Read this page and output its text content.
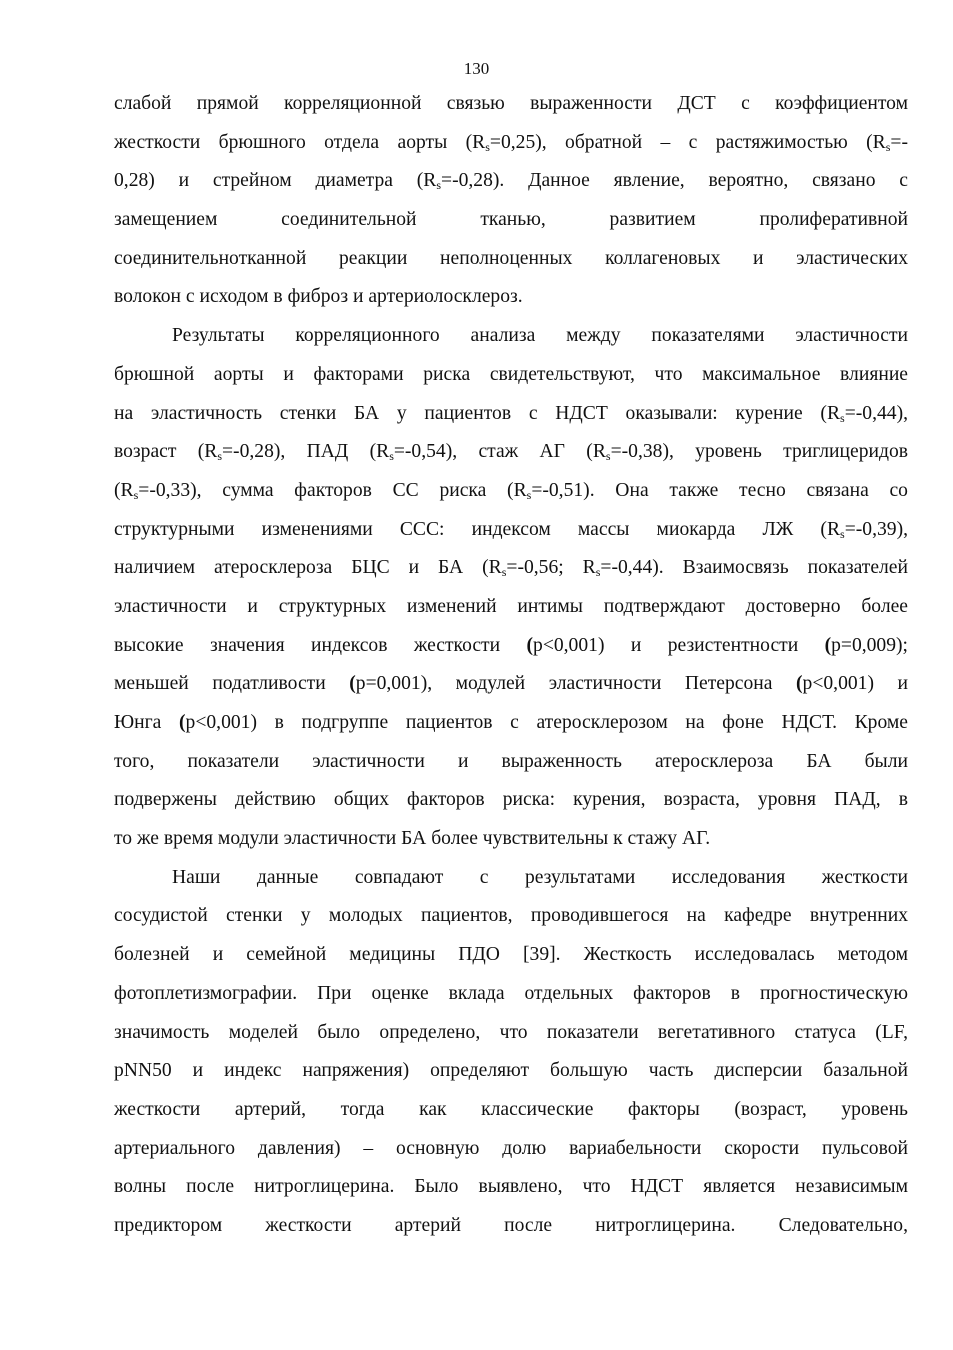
130
слабой прямой корреляционной связью выраженности ДСТ с коэффициентом
жесткости брюшного отдела аорты $(R_s=0,25)$, обратной – с растяжимостью ($R_s=-$
0,28) и стрейном диаметра $(R_s=-0,28)$. Данное явление, вероятно, связано с
замещением соединительной тканью, развитием пролиферативной
соединительнотканной реакции неполноценных коллагеновых и эластических
волокон с исходом в фиброз и артериолосклероз.
Результаты корреляционного анализа между показателями эластичности
брюшной аорты и факторами риска свидетельствуют, что максимальное влияние
на эластичность стенки БА у пациентов с НДСТ оказывали: курение $(R_s=-0,44)$,
возраст $(R_s=-0,28)$, ПАД $(R_s=-0,54)$, стаж АГ $(R_s=-0,38)$, уровень триглицеридов
$(R_s=-0,33)$, сумма факторов СС риска $(R_s=-0,51)$. Она также тесно связана со
структурными изменениями ССС: индексом массы миокарда ЛЖ $(R_s=-0,39)$,
наличием атеросклероза БЦС и БА ($R_s=-0,56$; $R_s=-0,44$). Взаимосвязь показателей
эластичности и структурных изменений интимы подтверждают достоверно более
высокие значения индексов жесткости (p<0,001) и резистентности (p=0,009);
меньшей податливости (p=0,001), модулей эластичности Петерсона (p<0,001) и
Юнга (p<0,001) в подгруппе пациентов с атеросклерозом на фоне НДСТ. Кроме
того, показатели эластичности и выраженность атеросклероза БА были
подвержены действию общих факторов риска: курения, возраста, уровня ПАД, в
то же время модули эластичности БА более чувствительны к стажу АГ.
Наши данные совпадают с результатами исследования жесткости
сосудистой стенки у молодых пациентов, проводившегося на кафедре внутренних
болезней и семейной медицины ПДО [39]. Жесткость исследовалась методом
фотоплетизмографии. При оценке вклада отдельных факторов в прогностическую
значимость моделей было определено, что показатели вегетативного статуса (LF,
pNN50 и индекс напряжения) определяют большую часть дисперсии базальной
жесткости артерий, тогда как классические факторы (возраст, уровень
артериального давления) – основную долю вариабельности скорости пульсовой
волны после нитроглицерина. Было выявлено, что НДСТ является независимым
предиктором жесткости артерий после нитроглицерина. Следовательно,
